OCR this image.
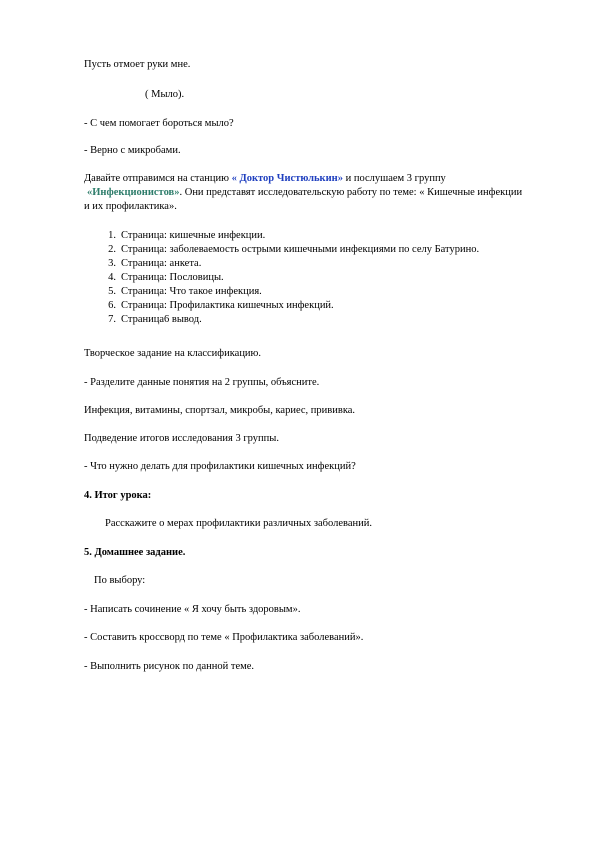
Пусть отмоет руки мне.
( Мыло).
- С чем помогает бороться мыло?
- Верно с микробами.
Давайте отправимся на станцию « Доктор Чистюлькин» и послушаем 3 группу
«Инфекционистов». Они представят исследовательскую работу по теме: « Кишечные инфекции и их профилактика».
1. Страница: кишечные инфекции.
2. Страница: заболеваемость острыми кишечными инфекциями по селу Батурино.
3. Страница: анкета.
4. Страница: Пословицы.
5. Страница: Что такое инфекция.
6. Страница: Профилактика кишечных инфекций.
7. Страница6 вывод.
Творческое задание на классификацию.
- Разделите данные понятия на 2 группы, объясните.
Инфекция, витамины, спортзал, микробы, кариес, прививка.
Подведение итогов исследования 3 группы.
- Что нужно делать для профилактики кишечных инфекций?
4. Итог урока:
Расскажите о мерах профилактики различных заболеваний.
5. Домашнее задание.
По выбору:
- Написать сочинение « Я хочу быть здоровым».
- Составить кроссворд по теме « Профилактика заболеваний».
- Выполнить рисунок по данной теме.
